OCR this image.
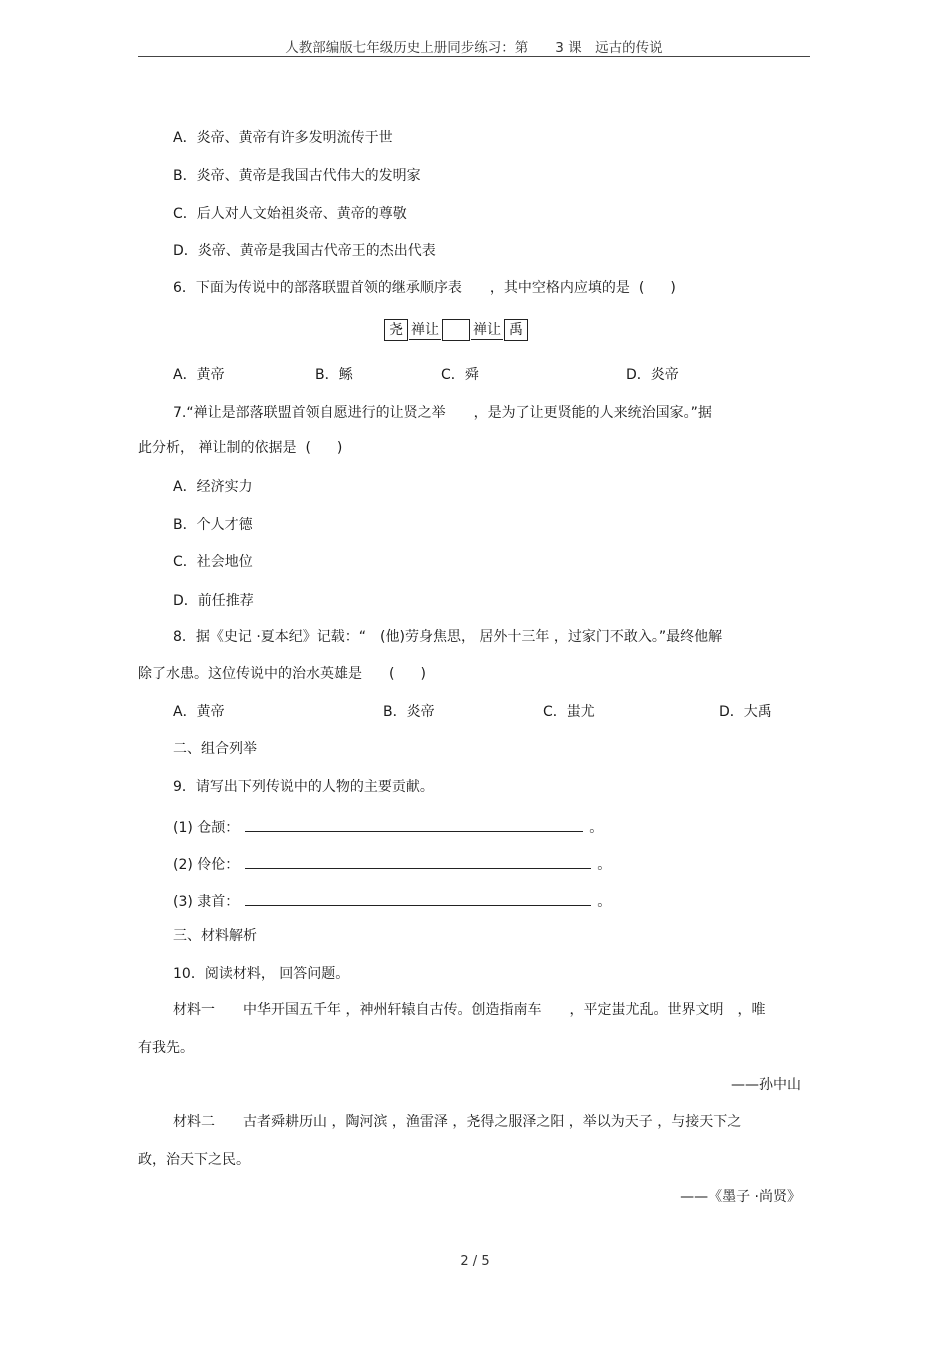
人教部编版七年级历史上册同步练习：第　　3 课　远古的传说
A．炎帝、黄帝有许多发明流传于世
B．炎帝、黄帝是我国古代伟大的发明家
C．后人对人文始祖炎帝、黄帝的尊敬
D．炎帝、黄帝是我国古代帝王的杰出代表
6．下面为传说中的部落联盟首领的继承顺序表　　，其中空格内应填的是 ( )
尧 禅让 禅让 禹
A．黄帝	B．鲧	C．舜	D．炎帝
7.“禅让是部落联盟首领自愿进行的让贤之举　　，是为了让更贤能的人来统治国家。”据
此分析， 禅让制的依据是 ( )
A．经济实力
B．个人才德
C．社会地位
D．前任推荐
8．据《史记 ·夏本纪》记载：“　(他)劳身焦思， 居外十三年 ，过家门不敢入。”最终他解
除了水患。这位传说中的治水英雄是 ( )
A．黄帝	B．炎帝	C．蚩尤	D．大禹
二、组合列举
9．请写出下列传说中的人物的主要贡献。
(1) 仓颉：	。
(2) 伶伦：	。
(3) 隶首：	。
三、材料解析
10．阅读材料， 回答问题。
材料一　　中华开国五千年 ，神州轩辕自古传。创造指南车　　，平定蚩尤乱。世界文明　，唯
有我先。
——孙中山
材料二　　古者舜耕历山 ，陶河滨 ，渔雷泽 ，尧得之服泽之阳 ，举以为天子 ，与接天下之
政，治天下之民。
——《墨子 ·尚贤》
2 / 5
